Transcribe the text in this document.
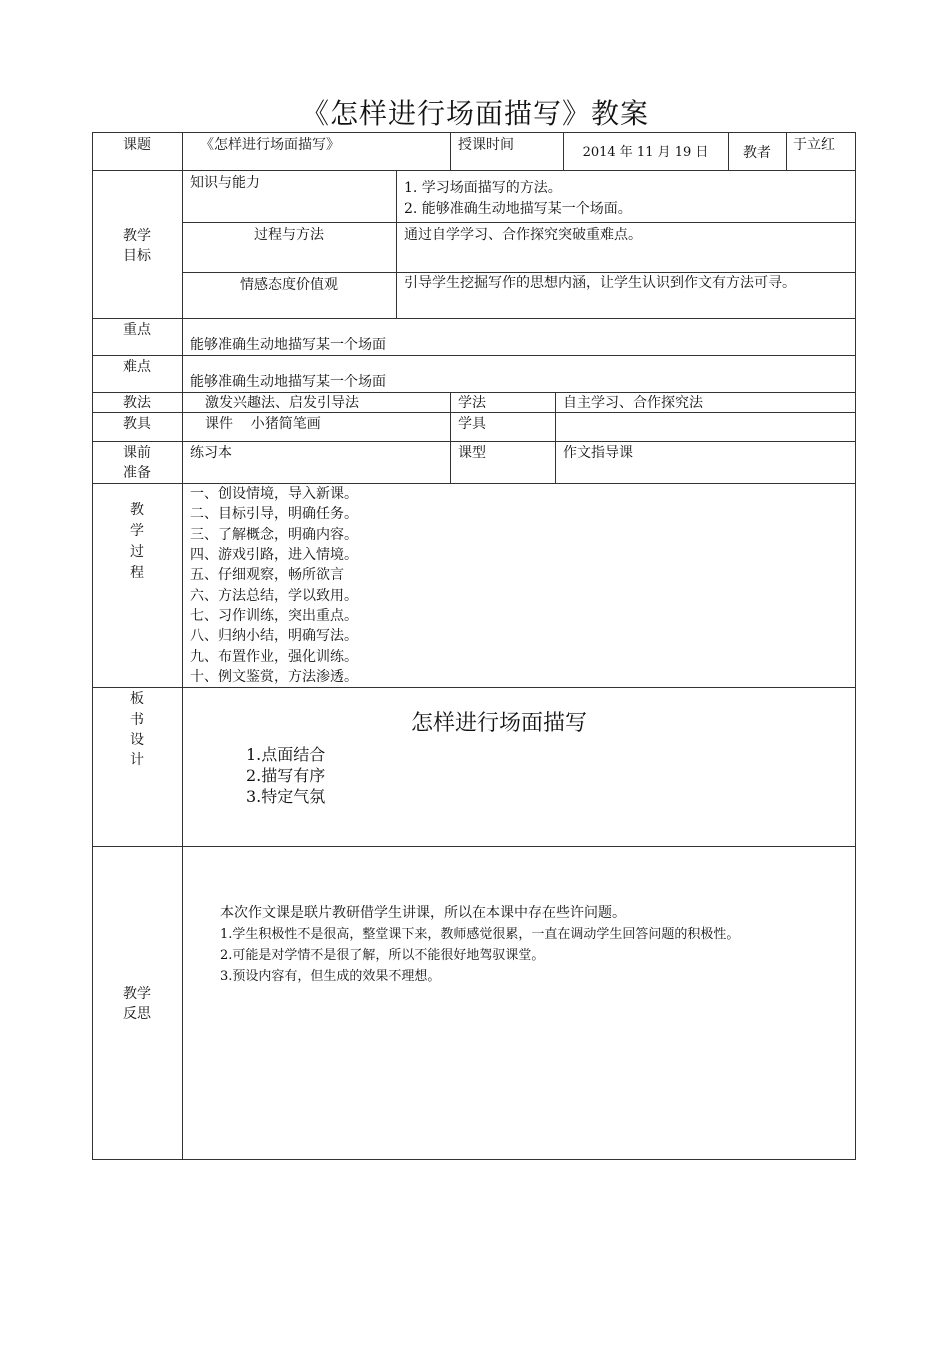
《怎样进行场面描写》教案
课题	《怎样进行场面描写》	授课时间	2014 年 11 月 19 日	教者	于立红
教学
目标
知识与能力	1. 学习场面描写的方法。
2. 能够准确生动地描写某一个场面。
过程与方法	通过自学学习、合作探究突破重难点。
情感态度价值观	引导学生挖掘写作的思想内涵，让学生认识到作文有方法可寻。
重点
能够准确生动地描写某一个场面
难点
能够准确生动地描写某一个场面
教法	激发兴趣法、启发引导法	学法	自主学习、合作探究法
教具	课件    小猪简笔画	学具
课前
准备
练习本	课型	作文指导课
教
学
过
程
一、创设情境，导入新课。
二、目标引导，明确任务。
三、了解概念，明确内容。
四、游戏引路，进入情境。
五、仔细观察，畅所欲言
六、方法总结，学以致用。
七、习作训练，突出重点。
八、归纳小结，明确写法。
九、布置作业，强化训练。
十、例文鉴赏，方法渗透。
板
书
设
计
怎样进行场面描写
1.点面结合
2.描写有序
3.特定气氛
教学
反思
本次作文课是联片教研借学生讲课，所以在本课中存在些许问题。
1.学生积极性不是很高，整堂课下来，教师感觉很累，一直在调动学生回答问题的积极性。
2.可能是对学情不是很了解，所以不能很好地驾驭课堂。
3.预设内容有，但生成的效果不理想。
